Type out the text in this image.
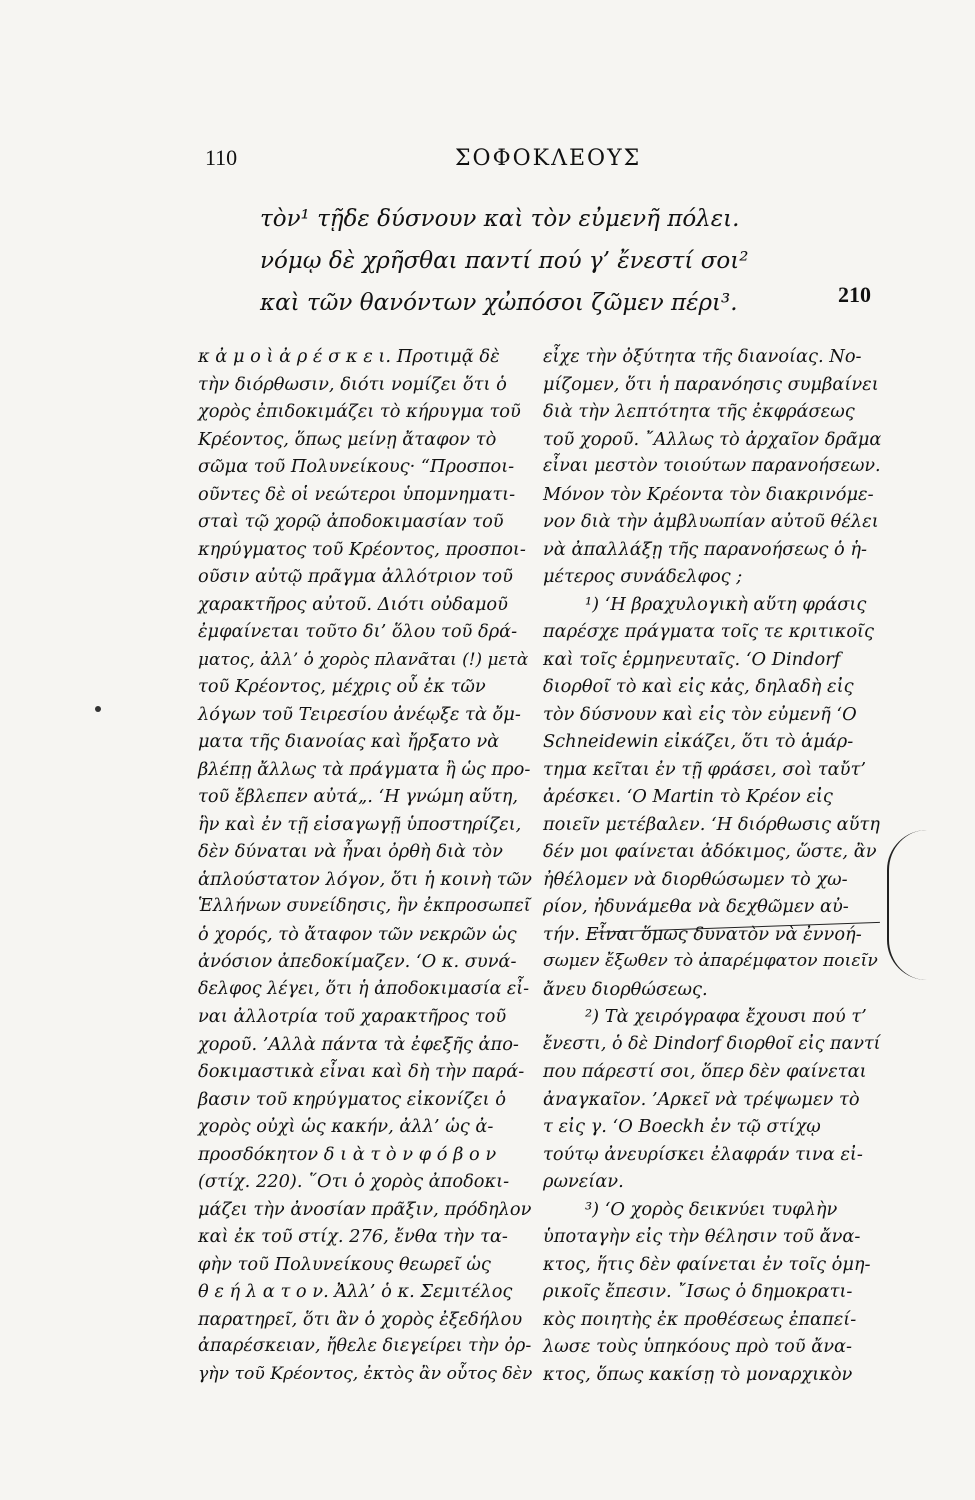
110	ΣΟΦΟΚΛΕΟΥΣ
τὸν¹ τῇδε δύσνουν καὶ τὸν εὐμενῆ πόλει.
νόμῳ δὲ χρῆσθαι παντί πού γ’ ἔνεστί σοι²
καὶ τῶν θανόντων χὠπόσοι ζῶμεν πέρι³.	210
κ ἀ μ ο ὶ ἀ ρ έ σ κ ε ι. Προτιμᾷ δὲ
τὴν διόρθωσιν, διότι νομίζει ὅτι ὁ
χορὸς ἐπιδοκιμάζει τὸ κήρυγμα τοῦ
Κρέοντος, ὅπως μείνῃ ἄταφον τὸ
σῶμα τοῦ Πολυνείκους· “Προσποι-
οῦντες δὲ οἱ νεώτεροι ὑπομνηματι-
σταὶ τῷ χορῷ ἀποδοκιμασίαν τοῦ
κηρύγματος τοῦ Κρέοντος, προσποι-
οῦσιν αὐτῷ πρᾶγμα ἀλλότριον τοῦ
χαρακτῆρος αὐτοῦ. Διότι οὐδαμοῦ
ἐμφαίνεται τοῦτο δι’ ὅλου τοῦ δρά-
ματος, ἀλλ’ ὁ χορὸς πλανᾶται (!) μετὰ
τοῦ Κρέοντος, μέχρις οὗ ἐκ τῶν
λόγων τοῦ Τειρεσίου ἀνέῳξε τὰ ὄμ-
ματα τῆς διανοίας καὶ ἤρξατο νὰ
βλέπῃ ἄλλως τὰ πράγματα ἢ ὡς προ-
τοῦ ἔβλεπεν αὐτά„. ‘Η γνώμη αὕτη,
ἣν καὶ ἐν τῇ εἰσαγωγῇ ὑποστηρίζει,
δὲν δύναται νὰ ἦναι ὀρθὴ διὰ τὸν
ἁπλούστατον λόγον, ὅτι ἡ κοινὴ τῶν
Ἑλλήνων συνείδησις, ἣν ἐκπροσωπεῖ
ὁ χορός, τὸ ἄταφον τῶν νεκρῶν ὡς
ἀνόσιον ἀπεδοκίμαζεν. ‘Ο κ. συνά-
δελφος λέγει, ὅτι ἡ ἀποδοκιμασία εἶ-
ναι ἀλλοτρία τοῦ χαρακτῆρος τοῦ
χοροῦ. ’Αλλὰ πάντα τὰ ἐφεξῆς ἀπο-
δοκιμαστικὰ εἶναι καὶ δὴ τὴν παρά-
βασιν τοῦ κηρύγματος εἰκονίζει ὁ
χορὸς οὐχὶ ὡς κακήν, ἀλλ’ ὡς ἀ-
προσδόκητον δ ι ὰ τ ὸ ν φ ό β ο ν
(στίχ. 220). ῞Οτι ὁ χορὸς ἀποδοκι-
μάζει τὴν ἀνοσίαν πρᾶξιν, πρόδηλον
καὶ ἐκ τοῦ στίχ. 276, ἔνθα τὴν τα-
φὴν τοῦ Πολυνείκους θεωρεῖ ὡς
θ ε ή λ α τ ο ν. Ἀλλ’ ὁ κ. Σεμιτέλος
παρατηρεῖ, ὅτι ἂν ὁ χορὸς ἐξεδήλου
ἀπαρέσκειαν, ἤθελε διεγείρει τὴν ὀρ-
γὴν τοῦ Κρέοντος, ἐκτὸς ἂν οὗτος δὲν
εἶχε τὴν ὀξύτητα τῆς διανοίας. Νο-
μίζομεν, ὅτι ἡ παρανόησις συμβαίνει
διὰ τὴν λεπτότητα τῆς ἐκφράσεως
τοῦ χοροῦ. ῎Αλλως τὸ ἀρχαῖον δρᾶμα
εἶναι μεστὸν τοιούτων παρανοήσεων.
Μόνον τὸν Κρέοντα τὸν διακρινόμε-
νον διὰ τὴν ἀμβλυωπίαν αὐτοῦ θέλει
νὰ ἀπαλλάξῃ τῆς παρανοήσεως ὁ ἡ-
μέτερος συνάδελφος ;
¹) ‘Η βραχυλογικὴ αὕτη φράσις
παρέσχε πράγματα τοῖς τε κριτικοῖς
καὶ τοῖς ἑρμηνευταῖς. ‘Ο Dindorf
διορθοῖ τὸ καὶ εἰς κἀς, δηλαδὴ εἰς
τὸν δύσνουν καὶ εἰς τὸν εὐμενῆ ‘Ο
Schneidewin εἰκάζει, ὅτι τὸ ἁμάρ-
τημα κεῖται ἐν τῇ φράσει, σοὶ ταὔτ’
ἀρέσκει. ‘Ο Martin τὸ Κρέον εἰς
ποιεῖν μετέβαλεν. ‘Η διόρθωσις αὕτη
δέν μοι φαίνεται ἀδόκιμος, ὥστε, ἂν
ἠθέλομεν νὰ διορθώσωμεν τὸ χω-
ρίον, ἠδυνάμεθα νὰ δεχθῶμεν αὐ-
τήν. Εἶναι ὅμως δυνατὸν νὰ ἐννοή-
σωμεν ἔξωθεν τὸ ἀπαρέμφατον ποιεῖν
ἄνευ διορθώσεως.
²) Τὰ χειρόγραφα ἔχουσι πού τ’
ἔνεστι, ὁ δὲ Dindorf διορθοῖ εἰς παντί
που πάρεστί σοι, ὅπερ δὲν φαίνεται
ἀναγκαῖον. ’Αρκεῖ νὰ τρέψωμεν τὸ
τ εἰς γ. ‘Ο Boeckh ἐν τῷ στίχῳ
τούτῳ ἀνευρίσκει ἐλαφράν τινα εἰ-
ρωνείαν.
³) ‘Ο χορὸς δεικνύει τυφλὴν
ὑποταγὴν εἰς τὴν θέλησιν τοῦ ἄνα-
κτος, ἥτις δὲν φαίνεται ἐν τοῖς ὁμη-
ρικοῖς ἔπεσιν. ῎Ισως ὁ δημοκρατι-
κὸς ποιητὴς ἐκ προθέσεως ἐπαπεί-
λωσε τοὺς ὑπηκόους πρὸ τοῦ ἄνα-
κτος, ὅπως κακίσῃ τὸ μοναρχικὸν
